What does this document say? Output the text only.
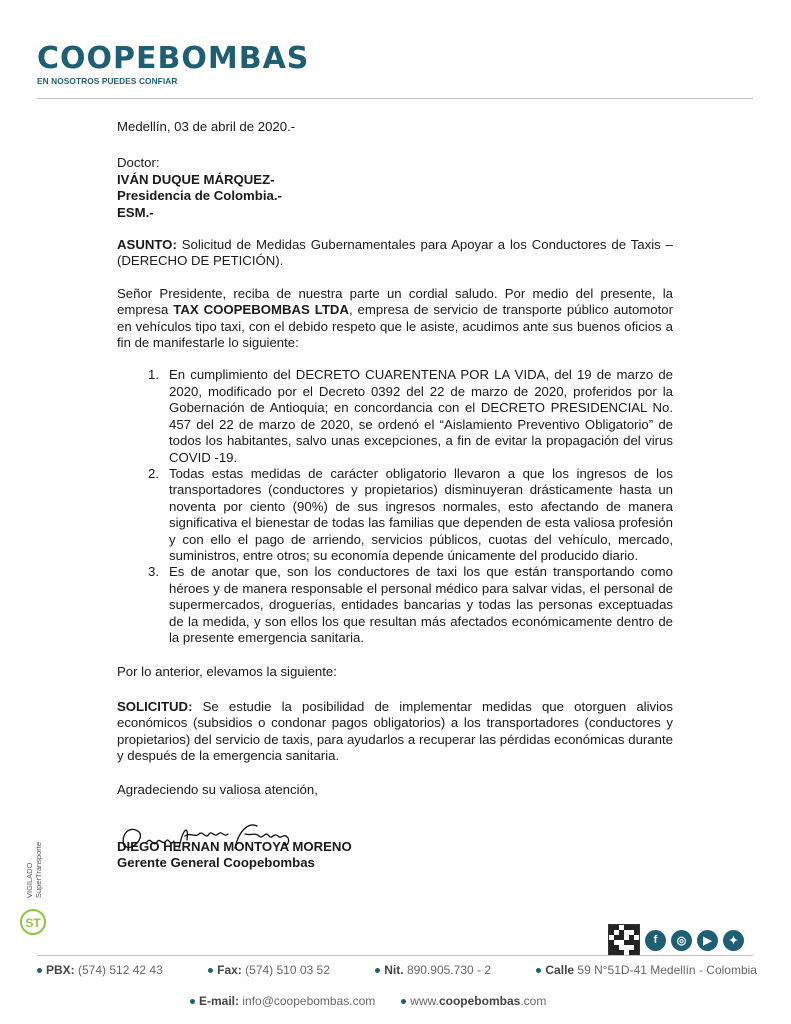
COOPEBOMBAS
EN NOSOTROS PUEDES CONFIAR

Medellín, 03 de abril de 2020.-

Doctor:

IVÁN DUQUE MÁRQUEZ-

Presidencia de Colombia.-

ESM.-

ASUNTO: Solicitud de Medidas Gubernamentales para Apoyar a los Conductores de Taxis – (DERECHO DE PETICIÓN).

Señor Presidente, reciba de nuestra parte un cordial saludo. Por medio del presente, la empresa TAX COOPEBOMBAS LTDA, empresa de servicio de transporte público automotor en vehículos tipo taxi, con el debido respeto que le asiste, acudimos ante sus buenos oficios a fin de manifestarle lo siguiente:

1. En cumplimiento del DECRETO CUARENTENA POR LA VIDA, del 19 de marzo de 2020, modificado por el Decreto 0392 del 22 de marzo de 2020, proferidos por la Gobernación de Antioquia; en concordancia con el DECRETO PRESIDENCIAL No. 457 del 22 de marzo de 2020, se ordenó el “Aislamiento Preventivo Obligatorio” de todos los habitantes, salvo unas excepciones, a fin de evitar la propagación del virus COVID -19.
2. Todas estas medidas de carácter obligatorio llevaron a que los ingresos de los transportadores (conductores y propietarios) disminuyeran drásticamente hasta un noventa por ciento (90%) de sus ingresos normales, esto afectando de manera significativa el bienestar de todas las familias que dependen de esta valiosa profesión y con ello el pago de arriendo, servicios públicos, cuotas del vehículo, mercado, suministros, entre otros; su economía depende únicamente del producido diario.
3. Es de anotar que, son los conductores de taxi los que están transportando como héroes y de manera responsable el personal médico para salvar vidas, el personal de supermercados, droguerías, entidades bancarias y todas las personas exceptuadas de la medida, y son ellos los que resultan más afectados económicamente dentro de la presente emergencia sanitaria.

Por lo anterior, elevamos la siguiente:

SOLICITUD: Se estudie la posibilidad de implementar medidas que otorguen alivios económicos (subsidios o condonar pagos obligatorios) a los transportadores (conductores y propietarios) del servicio de taxis, para ayudarlos a recuperar las pérdidas económicas durante y después de la emergencia sanitaria.

Agradeciendo su valiosa atención,

DIEGO HERNAN MONTOYA MORENO

Gerente General Coopebombas

VIGILADO SuperTransporte
ST
f	◎	▶	✦
PBX: (574) 512 42 43	Fax: (574) 510 03 52	Nit. 890.905.730 - 2	Calle 59 N°51D-41 Medellín - Colombia
E-mail: info@coopebombas.com	www.coopebombas.com
